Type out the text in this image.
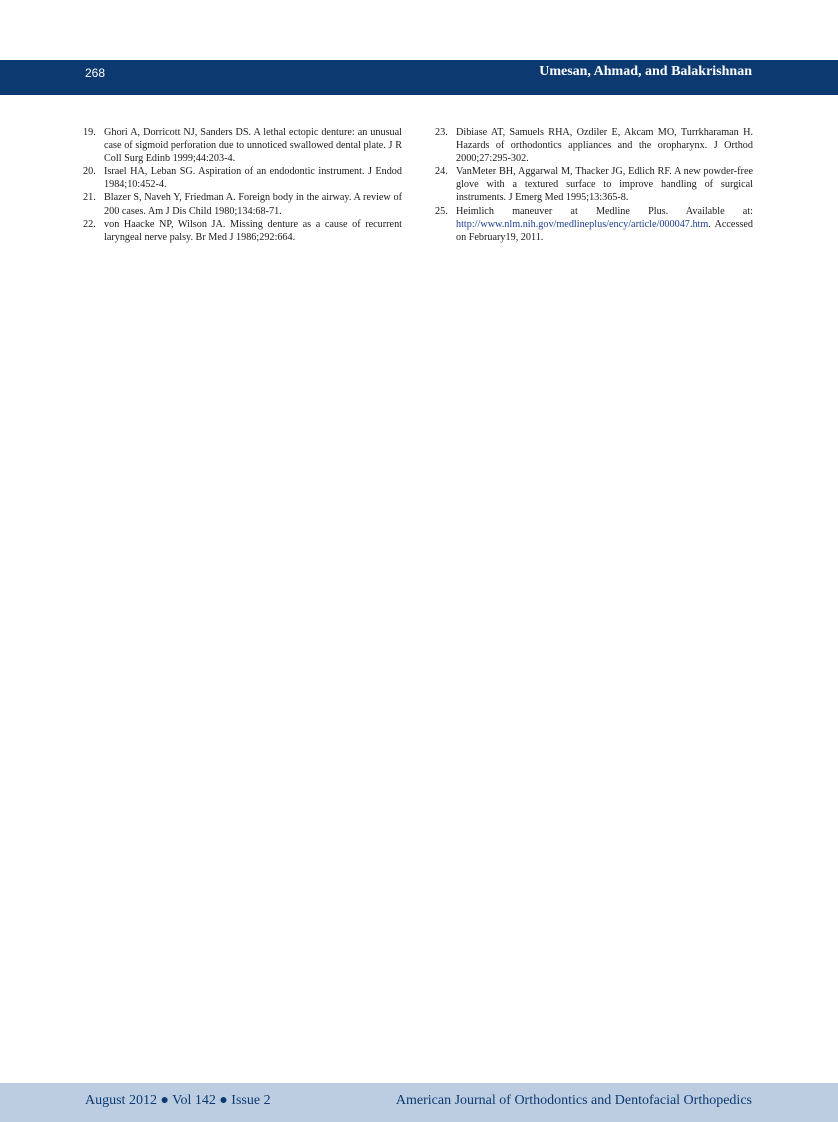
268	Umesan, Ahmad, and Balakrishnan
19. Ghori A, Dorricott NJ, Sanders DS. A lethal ectopic denture: an unusual case of sigmoid perforation due to unnoticed swallowed dental plate. J R Coll Surg Edinb 1999;44:203-4.
20. Israel HA, Leban SG. Aspiration of an endodontic instrument. J Endod 1984;10:452-4.
21. Blazer S, Naveh Y, Friedman A. Foreign body in the airway. A review of 200 cases. Am J Dis Child 1980;134:68-71.
22. von Haacke NP, Wilson JA. Missing denture as a cause of recurrent laryngeal nerve palsy. Br Med J 1986;292:664.
23. Dibiase AT, Samuels RHA, Ozdiler E, Akcam MO, Turrkharaman H. Hazards of orthodontics appliances and the oropharynx. J Orthod 2000;27:295-302.
24. VanMeter BH, Aggarwal M, Thacker JG, Edlich RF. A new powder-free glove with a textured surface to improve handling of surgical instruments. J Emerg Med 1995;13:365-8.
25. Heimlich maneuver at Medline Plus. Available at: http://www.nlm.nih.gov/medlineplus/ency/article/000047.htm. Accessed on February19, 2011.
August 2012 ● Vol 142 ● Issue 2	American Journal of Orthodontics and Dentofacial Orthopedics
